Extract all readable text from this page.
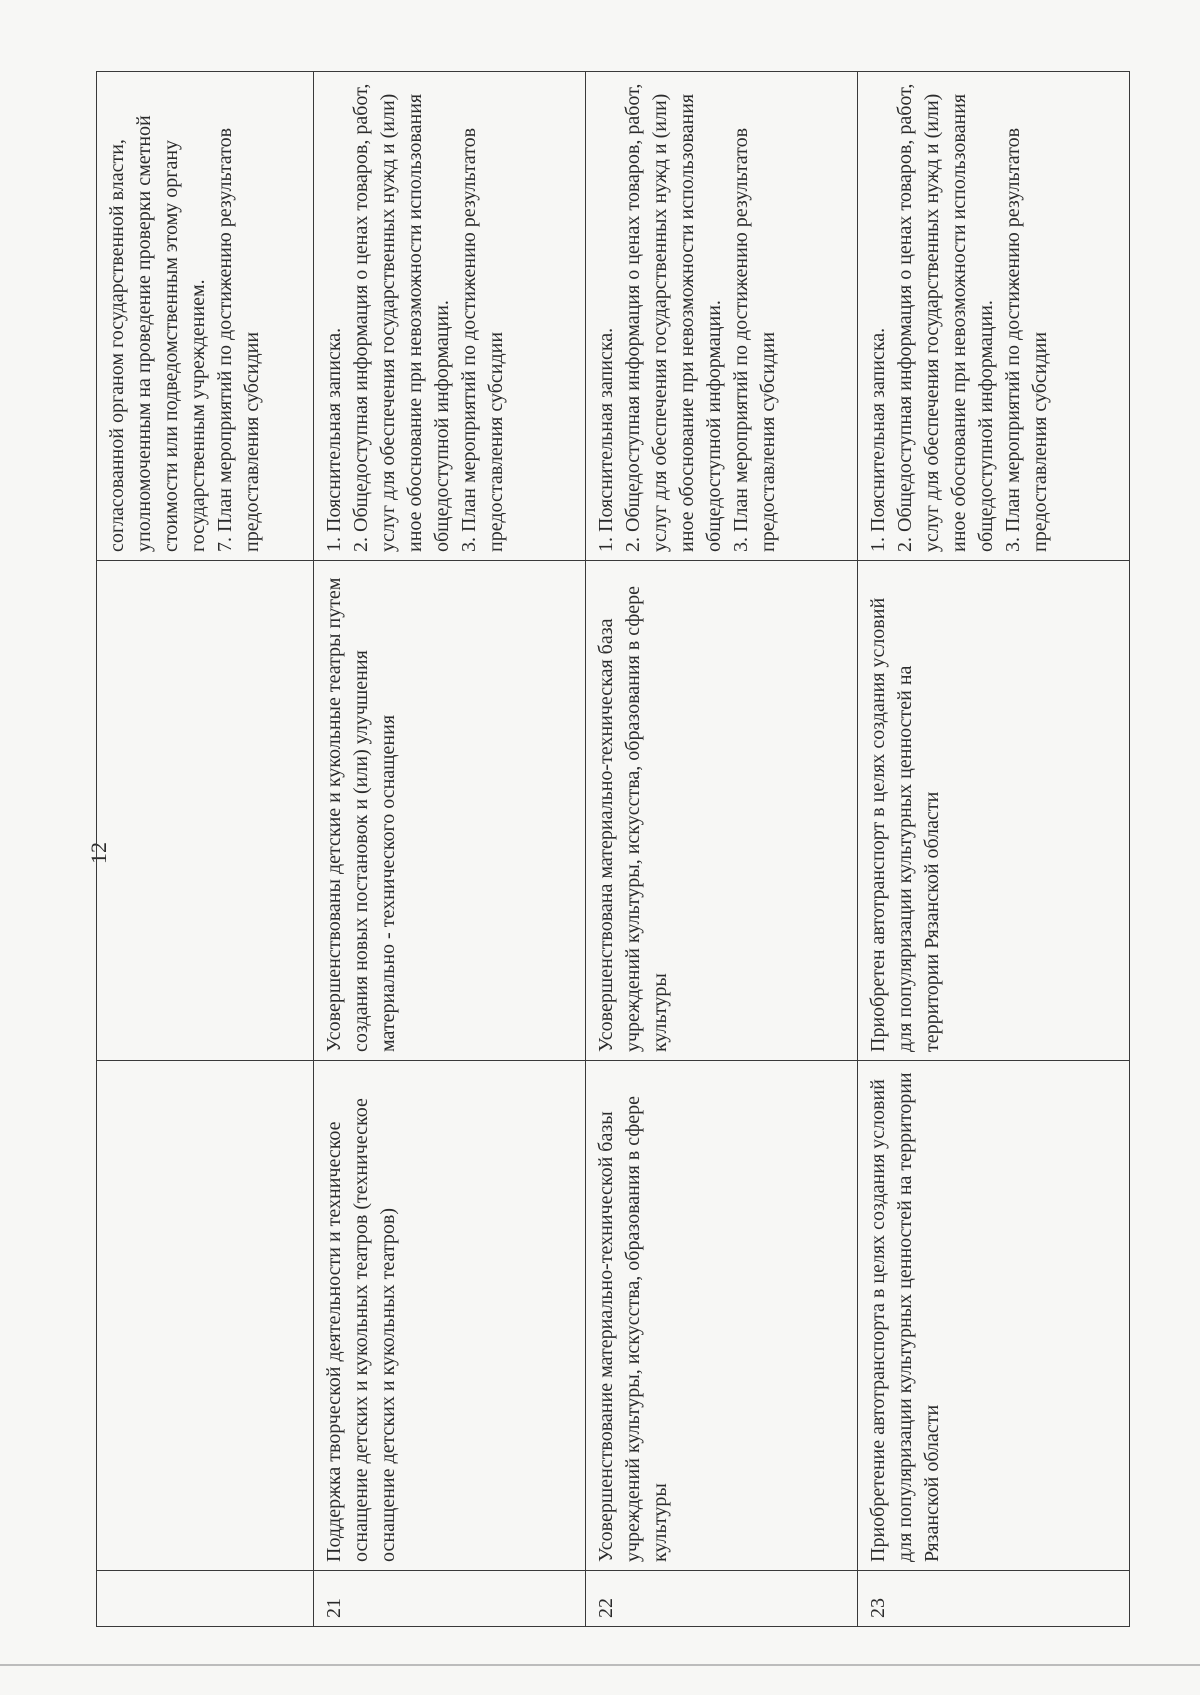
12
			согласованной органом государственной власти, уполномоченным на проведение проверки сметной стоимости или подведомственным этому органу государственным учреждением.
7. План мероприятий по достижению результатов предоставления субсидии
21	Поддержка творческой деятельности и техническое оснащение детских и кукольных театров (техническое оснащение детских и кукольных театров)	Усовершенствованы детские и кукольные театры путем создания новых постановок и (или) улучшения материально - технического оснащения	1. Пояснительная записка.
2. Общедоступная информация о ценах товаров, работ, услуг для обеспечения государственных нужд и (или) иное обоснование при невозможности использования общедоступной информации.
3. План мероприятий по достижению результатов предоставления субсидии
22	Усовершенствование материально-технической базы учреждений культуры, искусства, образования в сфере культуры	Усовершенствована материально-техническая база учреждений культуры, искусства, образования в сфере культуры	1. Пояснительная записка.
2. Общедоступная информация о ценах товаров, работ, услуг для обеспечения государственных нужд и (или) иное обоснование при невозможности использования общедоступной информации.
3. План мероприятий по достижению результатов предоставления субсидии
23	Приобретение автотранспорта в целях создания условий для популяризации культурных ценностей на территории Рязанской области	Приобретен автотранспорт в целях создания условий для популяризации культурных ценностей на территории Рязанской области	1. Пояснительная записка.
2. Общедоступная информация о ценах товаров, работ, услуг для обеспечения государственных нужд и (или) иное обоснование при невозможности использования общедоступной информации.
3. План мероприятий по достижению результатов предоставления субсидии
